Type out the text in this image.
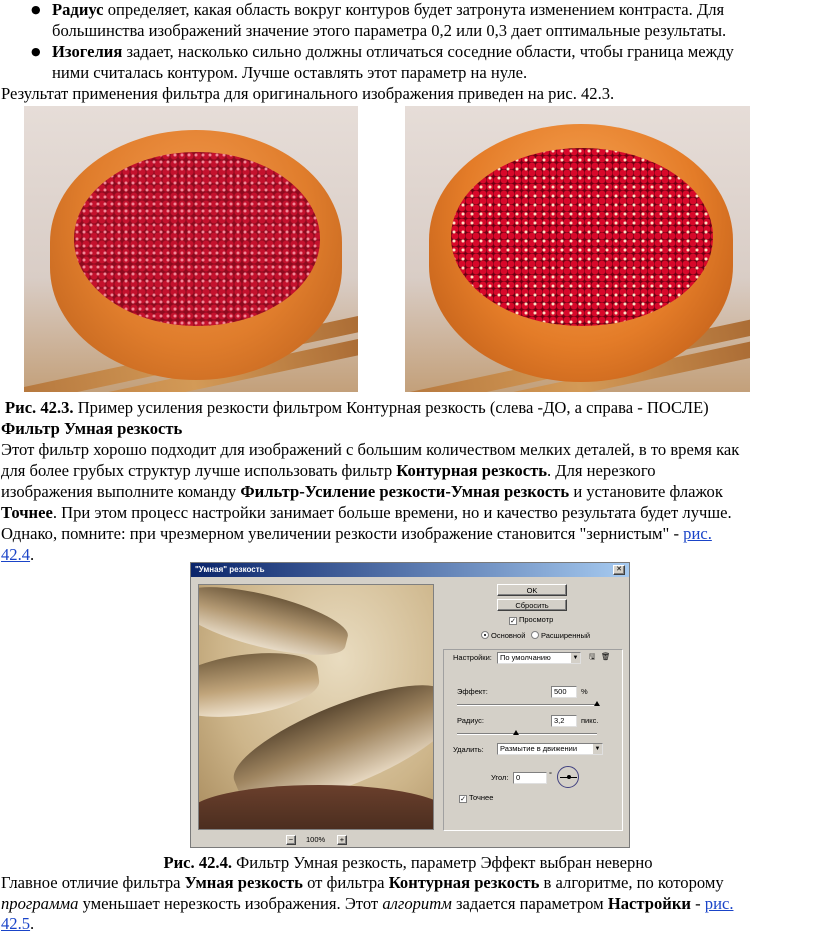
● Радиус определяет, какая область вокруг контуров будет затронута изменением контраста. Для
большинства изображений значение этого параметра 0,2 или 0,3 дает оптимальные результаты.
● Изогелия задает, насколько сильно должны отличаться соседние области, чтобы граница между
ними считалась контуром. Лучше оставлять этот параметр на нуле.
Результат применения фильтра для оригинального изображения приведен на рис. 42.3.
Рис. 42.3. Пример усиления резкости фильтром Контурная резкость (слева -ДО, а справа - ПОСЛЕ)
Фильтр Умная резкость
Этот фильтр хорошо подходит для изображений с большим количеством мелких деталей, в то время как
для более грубых структур лучше использовать фильтр Контурная резкость. Для нерезкого
изображения выполните команду Фильтр-Усиление резкости-Умная резкость и установите флажок
Точнее. При этом процесс настройки занимает больше времени, но и качество результата будет лучше.
Однако, помните: при чрезмерном увеличении резкости изображение становится "зернистым" - рис.
42.4.
"Умная" резкость	✕
−	100%	+
OK
Сбросить
✓ Просмотр
Основной	Расширенный
Настройки:	По умолчанию	▼ 🖫 🗑
Эффект:	500	%
Радиус:	3,2	пикс.
Удалить:	Размытие в движении	▼
Угол:	0	°
✓ Точнее
Рис. 42.4. Фильтр Умная резкость, параметр Эффект выбран неверно
Главное отличие фильтра Умная резкость от фильтра Контурная резкость в алгоритме, по которому
программа уменьшает нерезкость изображения. Этот алгоритм задается параметром Настройки - рис.
42.5.
